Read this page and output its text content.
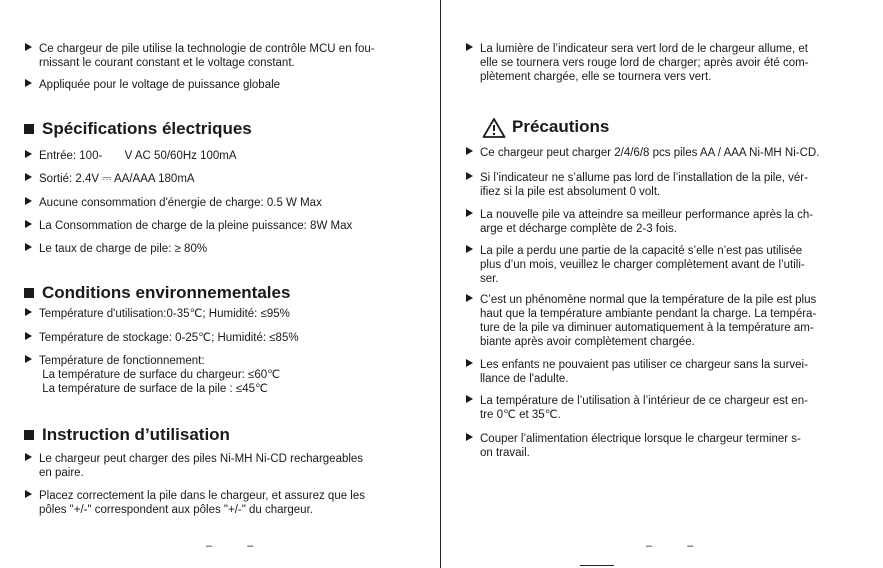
Ce chargeur de pile utilise la technologie de contrôle MCU en fou-
rnissant le courant constant et le voltage constant.
Appliquée pour le voltage de puissance globale
Spécifications électriques
Entrée: 100-       V AC 50/60Hz 100mA
Sortié: 2.4V ⎓ AA/AAA 180mA
Aucune consommation d'énergie de charge: 0.5 W Max
La Consommation de charge de la pleine puissance: 8W Max
Le taux de charge de pile: ≥ 80%
Conditions environnementales
Température d'utilisation:0-35℃; Humidité: ≤95%
Température de stockage: 0-25℃; Humidité: ≤85%
Température de fonctionnement:
La température de surface du chargeur: ≤60℃
La température de surface de la pile : ≤45℃
Instruction d’utilisation
Le chargeur peut charger des piles Ni-MH Ni-CD rechargeables
en paire.
Placez correctement la pile dans le chargeur, et assurez que les
pôles "+/-" correspondent aux pôles "+/-" du chargeur.
– –
La lumière de l’indicateur sera vert lord de le chargeur allume, et
elle se tournera vers rouge lord de charger; après avoir été com-
plètement chargée, elle se tournera vers vert.
Précautions
Ce chargeur peut charger 2/4/6/8 pcs piles AA / AAA Ni-MH Ni-CD.
Si l’indicateur ne s’allume pas lord de l’installation de la pile, vér-
ifiez si la pile est absolument 0 volt.
La nouvelle pile va atteindre sa meilleur performance après la ch-
arge et décharge complète de 2-3 fois.
La pile a perdu une partie de la capacité s’elle n’est pas utilisée
plus d’un mois, veuillez le charger complètement avant de l’utili-
ser.
C’est un phénomène normal que la température de la pile est plus
haut que la température ambiante pendant la charge. La tempéra-
ture de la pile va diminuer automatiquement à la température am-
biante après avoir complètement chargée.
Les enfants ne pouvaient pas utiliser ce chargeur sans la survei-
llance de l'adulte.
La température de l’utilisation à l’intérieur de ce chargeur est en-
tre 0℃ et 35℃.
Couper l’alimentation électrique lorsque le chargeur terminer s-
on travail.
– –
